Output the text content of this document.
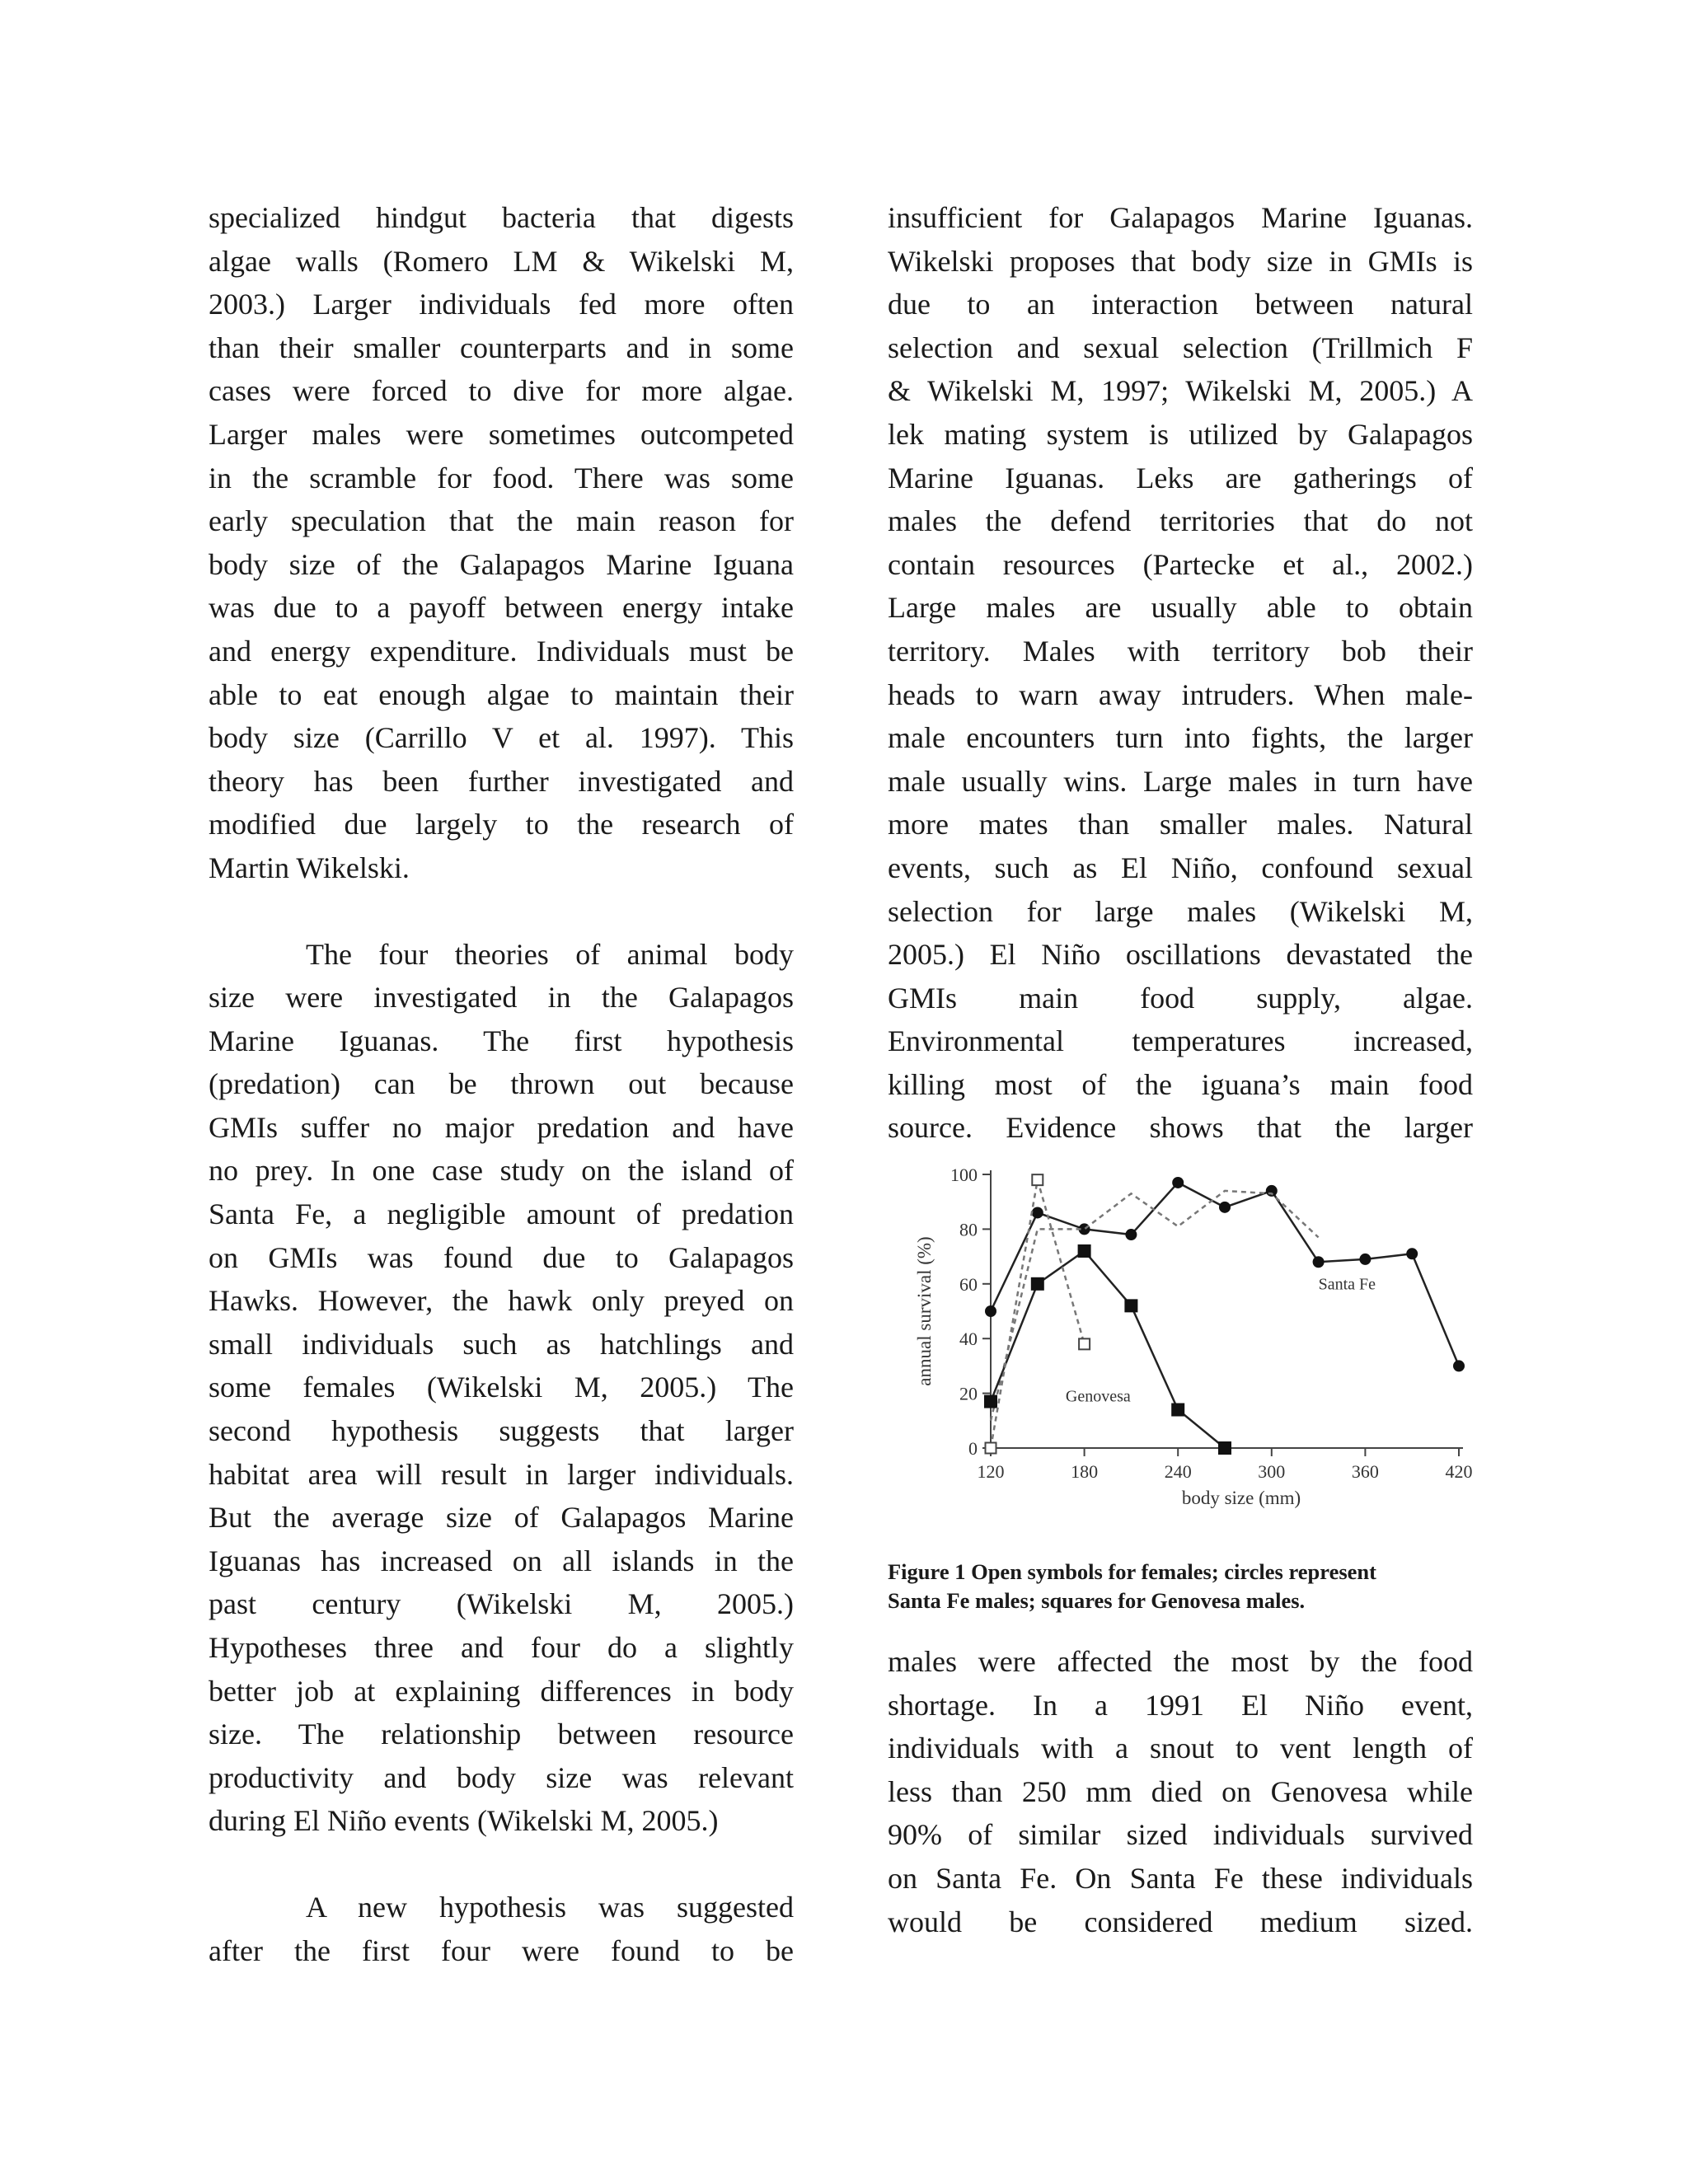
specialized hindgut bacteria that digests

algae walls (Romero LM & Wikelski M,

2003.) Larger individuals fed more often

than their smaller counterparts and in some

cases were forced to dive for more algae.

Larger males were sometimes outcompeted

in the scramble for food. There was some

early speculation that the main reason for

body size of the Galapagos Marine Iguana

was due to a payoff between energy intake

and energy expenditure. Individuals must be

able to eat enough algae to maintain their

body size (Carrillo V et al. 1997). This

theory has been further investigated and

modified due largely to the research of

Martin Wikelski.

The four theories of animal body

size were investigated in the Galapagos

Marine Iguanas. The first hypothesis

(predation) can be thrown out because

GMIs suffer no major predation and have

no prey. In one case study on the island of

Santa Fe, a negligible amount of predation

on GMIs was found due to Galapagos

Hawks. However, the hawk only preyed on

small individuals such as hatchlings and

some females (Wikelski M, 2005.) The

second hypothesis suggests that larger

habitat area will result in larger individuals.

But the average size of Galapagos Marine

Iguanas has increased on all islands in the

past century (Wikelski M, 2005.)

Hypotheses three and four do a slightly

better job at explaining differences in body

size. The relationship between resource

productivity and body size was relevant

during El Niño events (Wikelski M, 2005.)

A new hypothesis was suggested

after the first four were found to be

insufficient for Galapagos Marine Iguanas.

Wikelski proposes that body size in GMIs is

due to an interaction between natural

selection and sexual selection (Trillmich F

& Wikelski M, 1997; Wikelski M, 2005.) A

lek mating system is utilized by Galapagos

Marine Iguanas. Leks are gatherings of

males the defend territories that do not

contain resources (Partecke et al., 2002.)

Large males are usually able to obtain

territory. Males with territory bob their

heads to warn away intruders. When male-

male encounters turn into fights, the larger

male usually wins. Large males in turn have

more mates than smaller males. Natural

events, such as El Niño, confound sexual

selection for large males (Wikelski M,

2005.) El Niño oscillations devastated the

GMIs main food supply, algae.

Environmental temperatures increased,

killing most of the iguana’s main food

source. Evidence shows that the larger

0
20
40
60
80
100
120	180	240	300	360	420
body size (mm)
annual survival (%)	Santa Fe
Genovesa
Figure 1 Open symbols for females; circles represent
Santa Fe males; squares for Genovesa males.

males were affected the most by the food

shortage. In a 1991 El Niño event,

individuals with a snout to vent length of

less than 250 mm died on Genovesa while

90% of similar sized individuals survived

on Santa Fe. On Santa Fe these individuals

would be considered medium sized.
